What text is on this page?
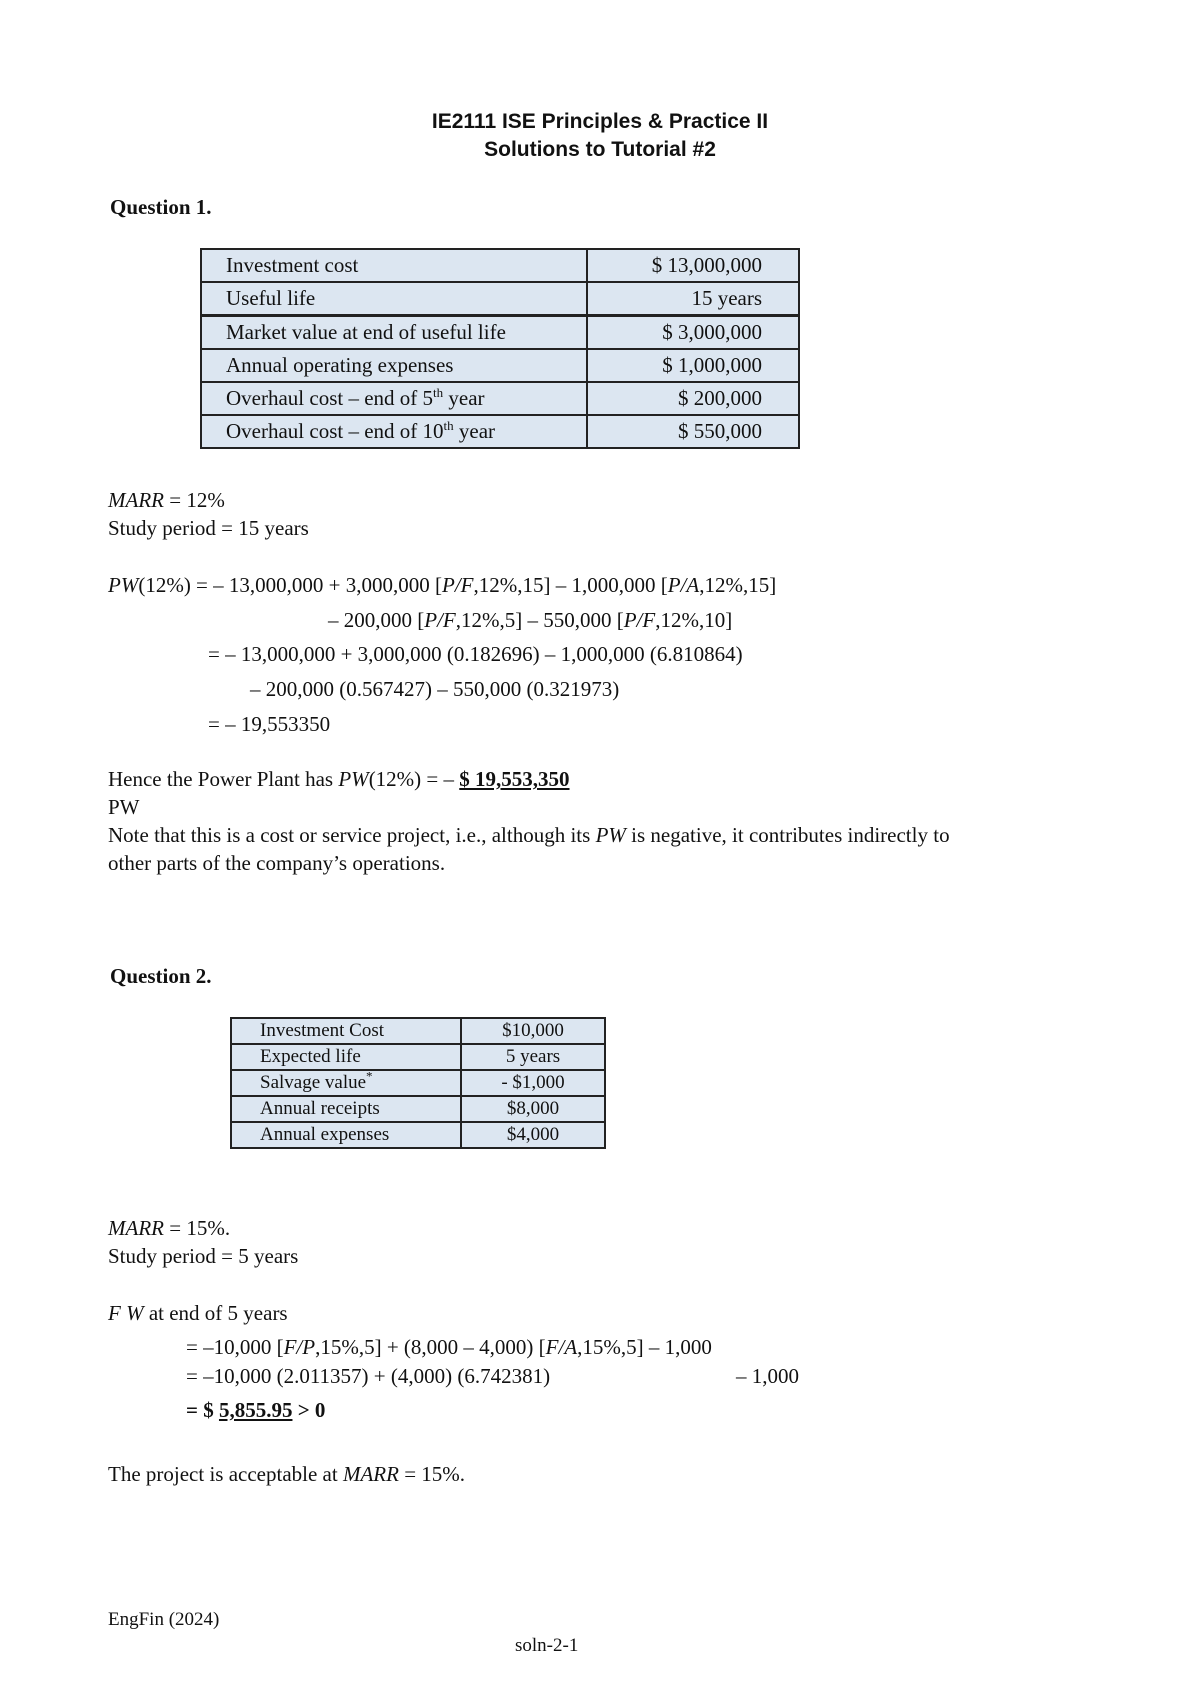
IE2111 ISE Principles & Practice II
Solutions to Tutorial #2
Question 1.
Investment cost	$ 13,000,000
Useful life	15 years
Market value at end of useful life	$ 3,000,000
Annual operating expenses	$ 1,000,000
Overhaul cost – end of 5th year	$ 200,000
Overhaul cost – end of 10th year	$ 550,000
MARR = 12%
Study period = 15 years
PW(12%) = – 13,000,000 + 3,000,000 [P/F,12%,15] – 1,000,000 [P/A,12%,15]
– 200,000 [P/F,12%,5] – 550,000 [P/F,12%,10]
= – 13,000,000 + 3,000,000 (0.182696) – 1,000,000 (6.810864)
– 200,000 (0.567427) – 550,000 (0.321973)
= – 19,553350
Hence the Power Plant has PW(12%) = – $ 19,553,350
PW
Note that this is a cost or service project, i.e., although its PW is negative, it contributes indirectly to
other parts of the company’s operations.
Question 2.
Investment Cost	$10,000
Expected life	5 years
Salvage value*	- $1,000
Annual receipts	$8,000
Annual expenses	$4,000
MARR = 15%.
Study period = 5 years
F W at end of 5 years
= –10,000 [F/P,15%,5] + (8,000 – 4,000) [F/A,15%,5] – 1,000
= –10,000 (2.011357) + (4,000) (6.742381)	– 1,000
= $ 5,855.95 > 0
The project is acceptable at MARR = 15%.
EngFin (2024)
soln-2-1
